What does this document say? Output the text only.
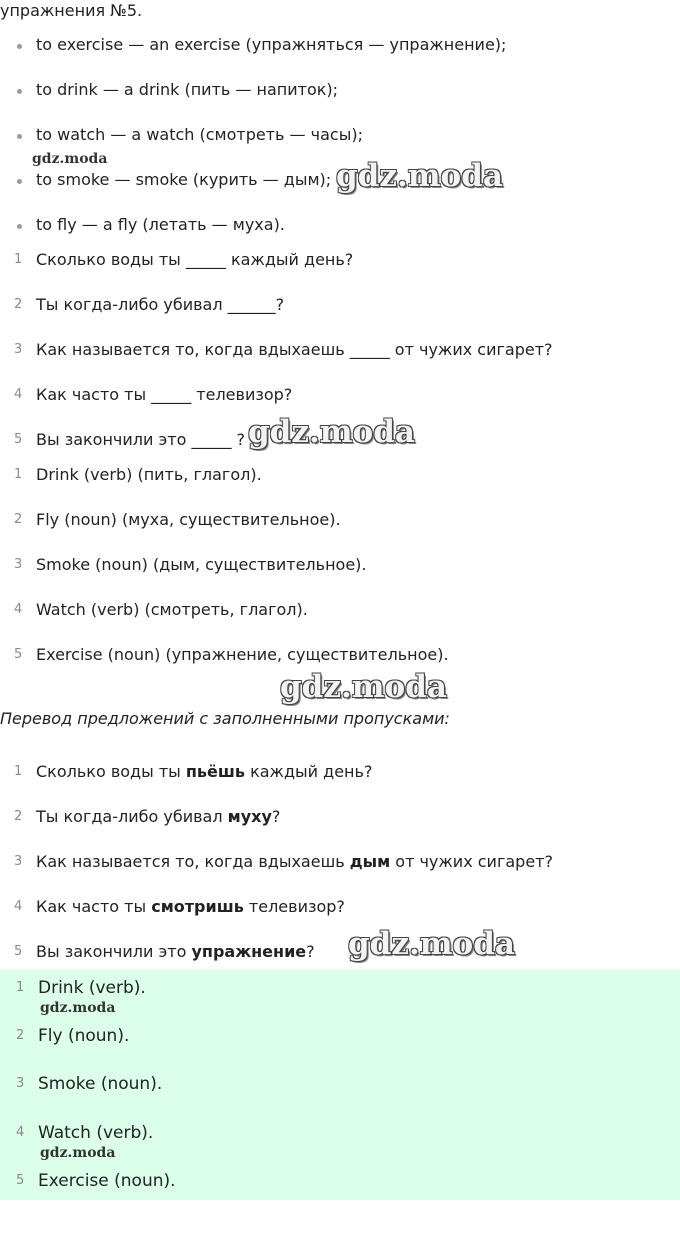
упражнения №5.
to exercise — an exercise (упражняться — упражнение);
to drink — a drink (пить — напиток);
to watch — a watch (смотреть — часы);
to smoke — smoke (курить — дым);
to fly — a fly (летать — муха).
1 Сколько воды ты _____ каждый день?
2 Ты когда-либо убивал ______?
3 Как называется то, когда вдыхаешь _____ от чужих сигарет?
4 Как часто ты _____ телевизор?
5 Вы закончили это _____ ?
1 Drink (verb) (пить, глагол).
2 Fly (noun) (муха, существительное).
3 Smoke (noun) (дым, существительное).
4 Watch (verb) (смотреть, глагол).
5 Exercise (noun) (упражнение, существительное).
Перевод предложений с заполненными пропусками:
1 Сколько воды ты пьёшь каждый день?
2 Ты когда-либо убивал муху?
3 Как называется то, когда вдыхаешь дым от чужих сигарет?
4 Как часто ты смотришь телевизор?
5 Вы закончили это упражнение?
1 Drink (verb).
2 Fly (noun).
3 Smoke (noun).
4 Watch (verb).
5 Exercise (noun).
gdz.moda	gdz.moda
gdz.moda
gdz.moda
gdz.moda
gdz.moda
gdz.moda
